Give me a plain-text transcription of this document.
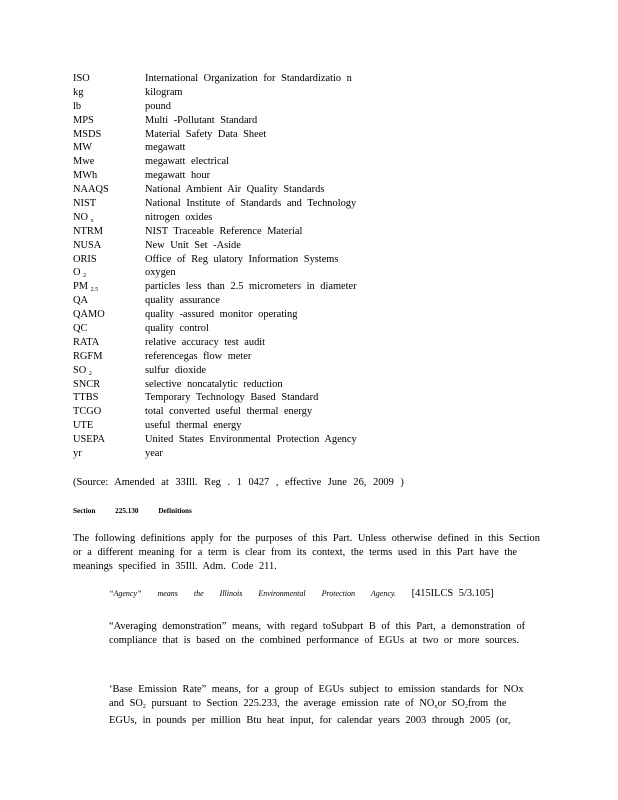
ISO	International Organization for Standardizatio n
kg	kilogram
lb	pound
MPS	Multi -Pollutant Standard
MSDS	Material Safety Data Sheet
MW	megawatt
Mwe	megawatt electrical
MWh	megawatt hour
NAAQS	National Ambient Air Quality Standards
NIST	National Institute of Standards and Technology
NO $_x$	nitrogen oxides
NTRM	NIST Traceable Reference Material
NUSA	New Unit Set -Aside
ORIS	Office of Reg ulatory Information Systems
O $_2$	oxygen
PM $_{2.5}$	particles less than 2.5 micrometers in diameter
QA	quality assurance
QAMO	quality -assured monitor operating
QC	quality control
RATA	relative accuracy test audit
RGFM	referencegas flow meter
SO $_2$	sulfur dioxide
SNCR	selective noncatalytic reduction
TTBS	Temporary Technology Based Standard
TCGO	total converted useful thermal energy
UTE	useful thermal energy
USEPA	United States Environmental Protection Agency
yr	year
(Source: Amended at 33Ill. Reg . 1 0427 , effective June 26, 2009 )
Section	225.130	Definitions
The following definitions apply for the purposes of this Part. Unless otherwise defined in this Section or a different meaning for a term is clear from its context, the terms used in this Part have the meanings specified in 35Ill. Adm. Code 211.
“Agency” means the Illinois Environmental Protection Agency. [415ILCS 5/3.105]
“Averaging demonstration” means, with regard toSubpart B of this Part, a demonstration of compliance that is based on the combined performance of EGUs at two or more sources.
‘Base Emission Rate” means, for a group of EGUs subject to emission standards for NOx and $SO_2$ pursuant to Section 225.233, the average emission rate of $NO_xor$ $SO_2from$ the EGUs, in pounds per million Btu heat input, for calendar years 2003 through 2005 (or,
